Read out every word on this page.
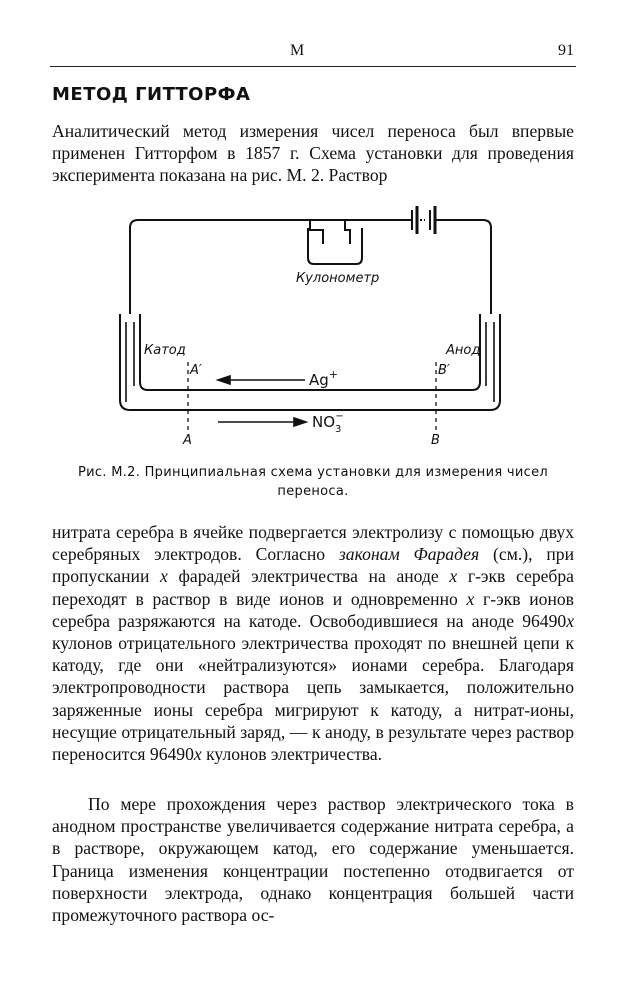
М	91
МЕТОД ГИТТОРФА

Аналитический метод измерения чисел переноса был впервые применен Гитторфом в 1857 г. Схема установки для проведения эксперимента показана на рис. М. 2. Раствор

Кулонометр
Катод	Анод
A′	B′
A	B
Ag+
$NO_3-$
Рис. М.2. Принципиальная схема установки для измерения чисел переноса.

нитрата серебра в ячейке подвергается электролизу с помощью двух серебряных электродов. Согласно законам Фарадея (см.), при пропускании x фарадей электричества на аноде x г-экв серебра переходят в раствор в виде ионов и одновременно x г-экв ионов серебра разряжаются на катоде. Освободившиеся на аноде 96490x кулонов отрицательного электричества проходят по внешней цепи к катоду, где они «нейтрализуются» ионами серебра. Благодаря электропроводности раствора цепь замыкается, положительно заряженные ионы серебра мигрируют к катоду, а нитрат-ионы, несущие отрицательный заряд, — к аноду, в результате через раствор переносится 96490x кулонов электричества.

По мере прохождения через раствор электрического тока в анодном пространстве увеличивается содержание нитрата серебра, а в растворе, окружающем катод, его содержание уменьшается. Граница изменения концентрации постепенно отодвигается от поверхности электрода, однако концентрация большей части промежуточного раствора ос-
